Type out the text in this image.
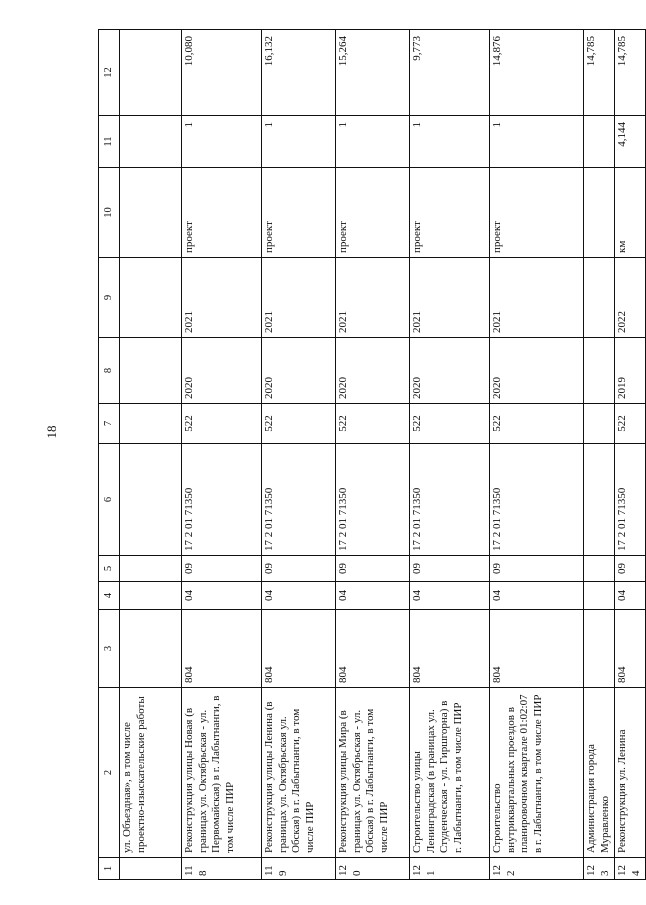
18
1	2	3	4	5	6	7	8	9	10	11	12
	ул. Объездная», в том числе проектно-изыскательские работы										
118	Реконструкция улицы Новая (в границах ул. Октябрьская - ул. Первомайская) в г. Лабытнанги, в том числе ПИР	804	04	09	17 2 01 71350	522	2020	2021	проект	1	10,080
119	Реконструкция улицы Ленина (в границах ул. Октябрьская ул. Обская) в г. Лабытнанги, в том числе ПИР	804	04	09	17 2 01 71350	522	2020	2021	проект	1	16,132
120	Реконструкция улицы Мира (в границах ул. Октябрьская - ул. Обская) в г. Лабытнанги, в том числе ПИР	804	04	09	17 2 01 71350	522	2020	2021	проект	1	15,264
121	Строительство улицы Ленинградская (в границах ул. Студенческая - ул. Гиршгорна) в г. Лабытнанги, в том числе ПИР	804	04	09	17 2 01 71350	522	2020	2021	проект	1	9,773
122	Строительство внутриквартальных проездов в планировочном квартале 01:02:07 в г. Лабытнанги, в том числе ПИР	804	04	09	17 2 01 71350	522	2020	2021	проект	1	14,876
123	Администрация города Муравленко										14,785
124	Реконструкция ул. Ленина	804	04	09	17 2 01 71350	522	2019	2022	км	4,144	14,785
